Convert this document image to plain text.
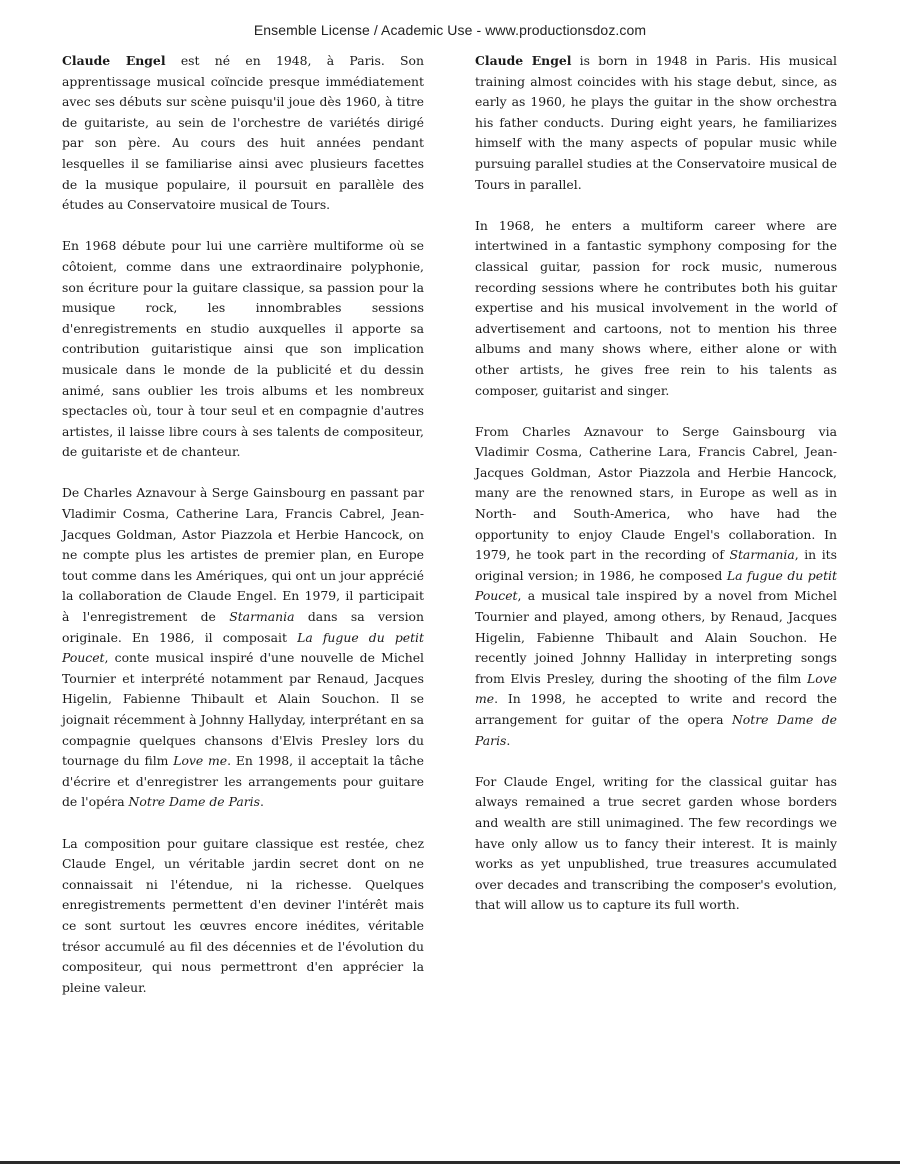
Ensemble License / Academic Use - www.productionsdoz.com

Claude Engel est né en 1948, à Paris. Son apprentissage musical coïncide presque immédiatement avec ses débuts sur scène puisqu'il joue dès 1960, à titre de guitariste, au sein de l'orchestre de variétés dirigé par son père. Au cours des huit années pendant lesquelles il se familiarise ainsi avec plusieurs facettes de la musique populaire, il poursuit en parallèle des études au Conservatoire musical de Tours.

En 1968 débute pour lui une carrière multiforme où se côtoient, comme dans une extraordinaire polyphonie, son écriture pour la guitare classique, sa passion pour la musique rock, les innombrables sessions d'enregistrements en studio auxquelles il apporte sa contribution guitaristique ainsi que son implication musicale dans le monde de la publicité et du dessin animé, sans oublier les trois albums et les nombreux spectacles où, tour à tour seul et en compagnie d'autres artistes, il laisse libre cours à ses talents de compositeur, de guitariste et de chanteur.

De Charles Aznavour à Serge Gainsbourg en passant par Vladimir Cosma, Catherine Lara, Francis Cabrel, Jean-Jacques Goldman, Astor Piazzola et Herbie Hancock, on ne compte plus les artistes de premier plan, en Europe tout comme dans les Amériques, qui ont un jour apprécié la collaboration de Claude Engel. En 1979, il participait à l'enregistrement de Starmania dans sa version originale. En 1986, il composait La fugue du petit Poucet, conte musical inspiré d'une nouvelle de Michel Tournier et interprété notamment par Renaud, Jacques Higelin, Fabienne Thibault et Alain Souchon. Il se joignait récemment à Johnny Hallyday, interprétant en sa compagnie quelques chansons d'Elvis Presley lors du tournage du film Love me. En 1998, il acceptait la tâche d'écrire et d'enregistrer les arrangements pour guitare de l'opéra Notre Dame de Paris.

La composition pour guitare classique est restée, chez Claude Engel, un véritable jardin secret dont on ne connaissait ni l'étendue, ni la richesse. Quelques enregistrements permettent d'en deviner l'intérêt mais ce sont surtout les œuvres encore inédites, véritable trésor accumulé au fil des décennies et de l'évolution du compositeur, qui nous permettront d'en apprécier la pleine valeur.

Claude Engel is born in 1948 in Paris. His musical training almost coincides with his stage debut, since, as early as 1960, he plays the guitar in the show orchestra his father conducts. During eight years, he familiarizes himself with the many aspects of popular music while pursuing parallel studies at the Conservatoire musical de Tours in parallel.

In 1968, he enters a multiform career where are intertwined in a fantastic symphony composing for the classical guitar, passion for rock music, numerous recording sessions where he contributes both his guitar expertise and his musical involvement in the world of advertisement and cartoons, not to mention his three albums and many shows where, either alone or with other artists, he gives free rein to his talents as composer, guitarist and singer.

From Charles Aznavour to Serge Gainsbourg via Vladimir Cosma, Catherine Lara, Francis Cabrel, Jean-Jacques Goldman, Astor Piazzola and Herbie Hancock, many are the renowned stars, in Europe as well as in North- and South-America, who have had the opportunity to enjoy Claude Engel's collaboration. In 1979, he took part in the recording of Starmania, in its original version; in 1986, he composed La fugue du petit Poucet, a musical tale inspired by a novel from Michel Tournier and played, among others, by Renaud, Jacques Higelin, Fabienne Thibault and Alain Souchon. He recently joined Johnny Halliday in interpreting songs from Elvis Presley, during the shooting of the film Love me. In 1998, he accepted to write and record the arrangement for guitar of the opera Notre Dame de Paris.

For Claude Engel, writing for the classical guitar has always remained a true secret garden whose borders and wealth are still unimagined. The few recordings we have only allow us to fancy their interest. It is mainly works as yet unpublished, true treasures accumulated over decades and transcribing the composer's evolution, that will allow us to capture its full worth.
